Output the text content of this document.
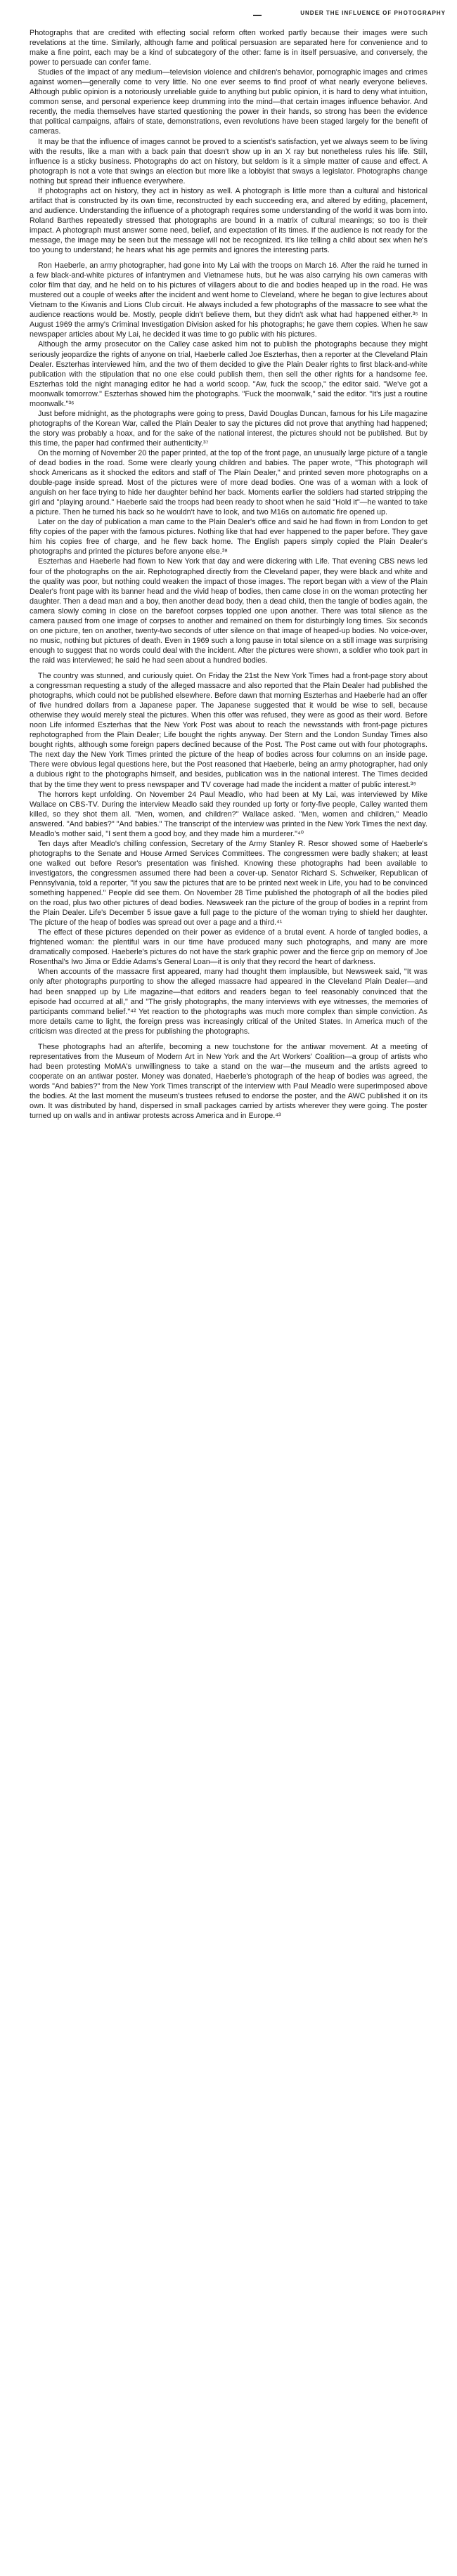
UNDER THE INFLUENCE OF PHOTOGRAPHY

Photographs that are credited with effecting social reform often worked partly because their images were such revelations at the time. Similarly, although fame and political persuasion are separated here for convenience and to make a fine point, each may be a kind of subcategory of the other: fame is in itself persuasive, and conversely, the power to persuade can confer fame.

Studies of the impact of any medium—television violence and children's behavior, pornographic images and crimes against women—generally come to very little. No one ever seems to find proof of what nearly everyone believes. Although public opinion is a notoriously unreliable guide to anything but public opinion, it is hard to deny what intuition, common sense, and personal experience keep drumming into the mind—that certain images influence behavior. And recently, the media themselves have started questioning the power in their hands, so strong has been the evidence that political campaigns, affairs of state, demonstrations, even revolutions have been staged largely for the benefit of cameras.

It may be that the influence of images cannot be proved to a scientist's satisfaction, yet we always seem to be living with the results, like a man with a back pain that doesn't show up in an X ray but nonetheless rules his life. Still, influence is a sticky business. Photographs do act on history, but seldom is it a simple matter of cause and effect. A photograph is not a vote that swings an election but more like a lobbyist that sways a legislator. Photographs change nothing but spread their influence everywhere.

If photographs act on history, they act in history as well. A photograph is little more than a cultural and historical artifact that is constructed by its own time, reconstructed by each succeeding era, and altered by editing, placement, and audience. Understanding the influence of a photograph requires some understanding of the world it was born into. Roland Barthes repeatedly stressed that photographs are bound in a matrix of cultural meanings; so too is their impact. A photograph must answer some need, belief, and expectation of its times. If the audience is not ready for the message, the image may be seen but the message will not be recognized. It's like telling a child about sex when he's too young to understand; he hears what his age permits and ignores the interesting parts.

Ron Haeberle, an army photographer, had gone into My Lai with the troops on March 16. After the raid he turned in a few black-and-white pictures of infantrymen and Vietnamese huts, but he was also carrying his own cameras with color film that day, and he held on to his pictures of villagers about to die and bodies heaped up in the road. He was mustered out a couple of weeks after the incident and went home to Cleveland, where he began to give lectures about Vietnam to the Kiwanis and Lions Club circuit. He always included a few photographs of the massacre to see what the audience reactions would be. Mostly, people didn't believe them, but they didn't ask what had happened either.³⁵ In August 1969 the army's Criminal Investigation Division asked for his photographs; he gave them copies. When he saw newspaper articles about My Lai, he decided it was time to go public with his pictures.

Although the army prosecutor on the Calley case asked him not to publish the photographs because they might seriously jeopardize the rights of anyone on trial, Haeberle called Joe Eszterhas, then a reporter at the Cleveland Plain Dealer. Eszterhas interviewed him, and the two of them decided to give the Plain Dealer rights to first black-and-white publication with the stipulation that no one else could publish them, then sell the other rights for a handsome fee. Eszterhas told the night managing editor he had a world scoop. "Aw, fuck the scoop," the editor said. "We've got a moonwalk tomorrow." Eszterhas showed him the photographs. "Fuck the moonwalk," said the editor. "It's just a routine moonwalk."³⁶

Just before midnight, as the photographs were going to press, David Douglas Duncan, famous for his Life magazine photographs of the Korean War, called the Plain Dealer to say the pictures did not prove that anything had happened; the story was probably a hoax, and for the sake of the national interest, the pictures should not be published. But by this time, the paper had confirmed their authenticity.³⁷

On the morning of November 20 the paper printed, at the top of the front page, an unusually large picture of a tangle of dead bodies in the road. Some were clearly young children and babies. The paper wrote, "This photograph will shock Americans as it shocked the editors and staff of The Plain Dealer," and printed seven more photographs on a double-page inside spread. Most of the pictures were of more dead bodies. One was of a woman with a look of anguish on her face trying to hide her daughter behind her back. Moments earlier the soldiers had started stripping the girl and "playing around." Haeberle said the troops had been ready to shoot when he said "Hold it"—he wanted to take a picture. Then he turned his back so he wouldn't have to look, and two M16s on automatic fire opened up.

Later on the day of publication a man came to the Plain Dealer's office and said he had flown in from London to get fifty copies of the paper with the famous pictures. Nothing like that had ever happened to the paper before. They gave him his copies free of charge, and he flew back home. The English papers simply copied the Plain Dealer's photographs and printed the pictures before anyone else.³⁸

Eszterhas and Haeberle had flown to New York that day and were dickering with Life. That evening CBS news led four of the photographs on the air. Rephotographed directly from the Cleveland paper, they were black and white and the quality was poor, but nothing could weaken the impact of those images. The report began with a view of the Plain Dealer's front page with its banner head and the vivid heap of bodies, then came close in on the woman protecting her daughter. Then a dead man and a boy, then another dead body, then a dead child, then the tangle of bodies again, the camera slowly coming in close on the barefoot corpses toppled one upon another. There was total silence as the camera paused from one image of corpses to another and remained on them for disturbingly long times. Six seconds on one picture, ten on another, twenty-two seconds of utter silence on that image of heaped-up bodies. No voice-over, no music, nothing but pictures of death. Even in 1969 such a long pause in total silence on a still image was surprising enough to suggest that no words could deal with the incident. After the pictures were shown, a soldier who took part in the raid was interviewed; he said he had seen about a hundred bodies.

The country was stunned, and curiously quiet. On Friday the 21st the New York Times had a front-page story about a congressman requesting a study of the alleged massacre and also reported that the Plain Dealer had published the photographs, which could not be published elsewhere. Before dawn that morning Eszterhas and Haeberle had an offer of five hundred dollars from a Japanese paper. The Japanese suggested that it would be wise to sell, because otherwise they would merely steal the pictures. When this offer was refused, they were as good as their word. Before noon Life informed Eszterhas that the New York Post was about to reach the newsstands with front-page pictures rephotographed from the Plain Dealer; Life bought the rights anyway. Der Stern and the London Sunday Times also bought rights, although some foreign papers declined because of the Post. The Post came out with four photographs. The next day the New York Times printed the picture of the heap of bodies across four columns on an inside page. There were obvious legal questions here, but the Post reasoned that Haeberle, being an army photographer, had only a dubious right to the photographs himself, and besides, publication was in the national interest. The Times decided that by the time they went to press newspaper and TV coverage had made the incident a matter of public interest.³⁹

The horrors kept unfolding. On November 24 Paul Meadlo, who had been at My Lai, was interviewed by Mike Wallace on CBS-TV. During the interview Meadlo said they rounded up forty or forty-five people, Calley wanted them killed, so they shot them all. "Men, women, and children?" Wallace asked. "Men, women and children," Meadlo answered. "And babies?" "And babies." The transcript of the interview was printed in the New York Times the next day. Meadlo's mother said, "I sent them a good boy, and they made him a murderer."⁴⁰

Ten days after Meadlo's chilling confession, Secretary of the Army Stanley R. Resor showed some of Haeberle's photographs to the Senate and House Armed Services Committees. The congressmen were badly shaken; at least one walked out before Resor's presentation was finished. Knowing these photographs had been available to investigators, the congressmen assumed there had been a cover-up. Senator Richard S. Schweiker, Republican of Pennsylvania, told a reporter, "If you saw the pictures that are to be printed next week in Life, you had to be convinced something happened." People did see them. On November 28 Time published the photograph of all the bodies piled on the road, plus two other pictures of dead bodies. Newsweek ran the picture of the group of bodies in a reprint from the Plain Dealer. Life's December 5 issue gave a full page to the picture of the woman trying to shield her daughter. The picture of the heap of bodies was spread out over a page and a third.⁴¹

The effect of these pictures depended on their power as evidence of a brutal event. A horde of tangled bodies, a frightened woman: the plentiful wars in our time have produced many such photographs, and many are more dramatically composed. Haeberle's pictures do not have the stark graphic power and the fierce grip on memory of Joe Rosenthal's Iwo Jima or Eddie Adams's General Loan—it is only that they record the heart of darkness.

When accounts of the massacre first appeared, many had thought them implausible, but Newsweek said, "It was only after photographs purporting to show the alleged massacre had appeared in the Cleveland Plain Dealer—and had been snapped up by Life magazine—that editors and readers began to feel reasonably convinced that the episode had occurred at all," and "The grisly photographs, the many interviews with eye witnesses, the memories of participants command belief."⁴² Yet reaction to the photographs was much more complex than simple conviction. As more details came to light, the foreign press was increasingly critical of the United States. In America much of the criticism was directed at the press for publishing the photographs.

These photographs had an afterlife, becoming a new touchstone for the antiwar movement. At a meeting of representatives from the Museum of Modern Art in New York and the Art Workers' Coalition—a group of artists who had been protesting MoMA's unwillingness to take a stand on the war—the museum and the artists agreed to cooperate on an antiwar poster. Money was donated, Haeberle's photograph of the heap of bodies was agreed, the words "And babies?" from the New York Times transcript of the interview with Paul Meadlo were superimposed above the bodies. At the last moment the museum's trustees refused to endorse the poster, and the AWC published it on its own. It was distributed by hand, dispersed in small packages carried by artists wherever they were going. The poster turned up on walls and in antiwar protests across America and in Europe.⁴³
